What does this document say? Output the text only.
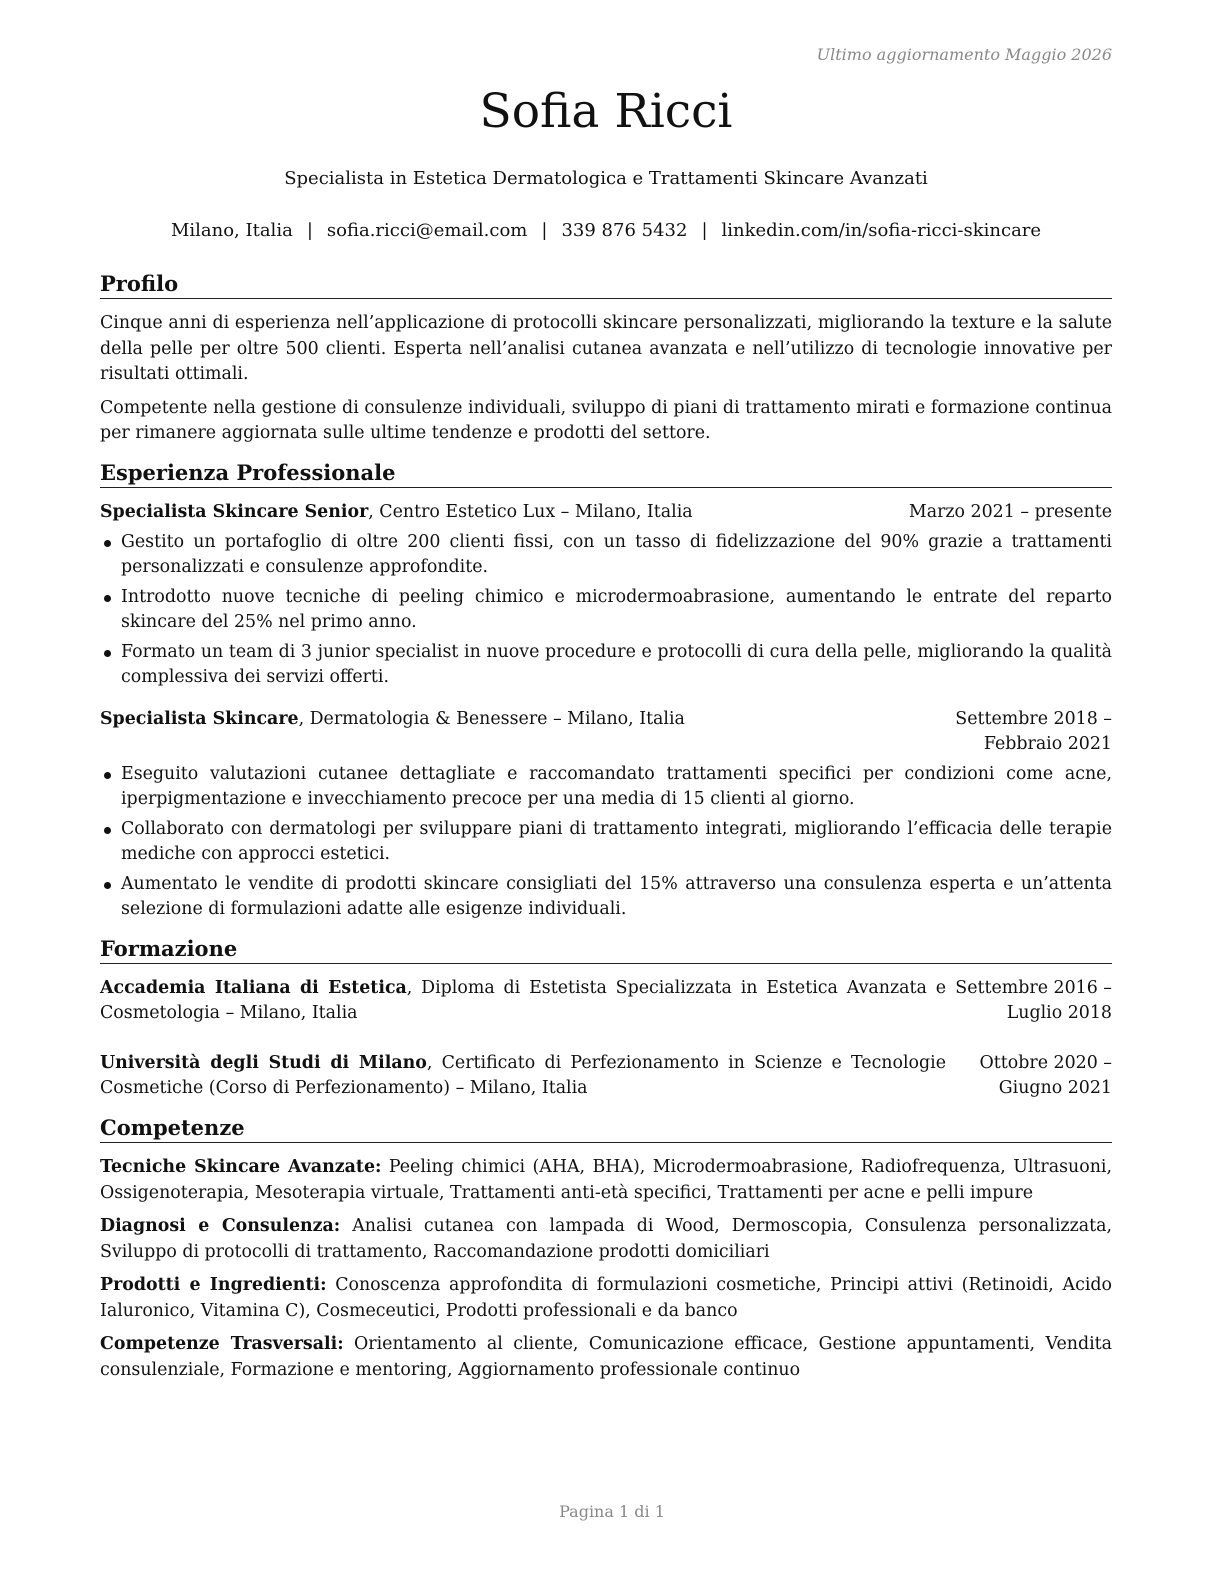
Ultimo aggiornamento Maggio 2026
Sofia Ricci
Specialista in Estetica Dermatologica e Trattamenti Skincare Avanzati
Milano, Italia | sofia.ricci@email.com | 339 876 5432 | linkedin.com/in/sofia-ricci-skincare
Profilo

Cinque anni di esperienza nell’applicazione di protocolli skincare personalizzati, migliorando la texture e la salute della pelle per oltre 500 clienti. Esperta nell’analisi cutanea avanzata e nell’utilizzo di tecnologie innovative per risultati ottimali.

Competente nella gestione di consulenze individuali, sviluppo di piani di trattamento mirati e formazione continua per rimanere aggiornata sulle ultime tendenze e prodotti del settore.

Esperienza Professionale
Specialista Skincare Senior, Centro Estetico Lux – Milano, Italia	Marzo 2021 – presente
Gestito un portafoglio di oltre 200 clienti fissi, con un tasso di fidelizzazione del 90% grazie a trattamenti personalizzati e consulenze approfondite.
Introdotto nuove tecniche di peeling chimico e microdermoabrasione, aumentando le entrate del reparto skincare del 25% nel primo anno.
Formato un team di 3 junior specialist in nuove procedure e protocolli di cura della pelle, migliorando la qualità complessiva dei servizi offerti.
Specialista Skincare, Dermatologia & Benessere – Milano, Italia	Settembre 2018 – Febbraio 2021
Eseguito valutazioni cutanee dettagliate e raccomandato trattamenti specifici per condizioni come acne, iperpigmentazione e invecchiamento precoce per una media di 15 clienti al giorno.
Collaborato con dermatologi per sviluppare piani di trattamento integrati, migliorando l’efficacia delle terapie mediche con approcci estetici.
Aumentato le vendite di prodotti skincare consigliati del 15% attraverso una consulenza esperta e un’attenta selezione di formulazioni adatte alle esigenze individuali.
Formazione
Accademia Italiana di Estetica, Diploma di Estetista Specializzata in Estetica Avanzata e Cosmetologia – Milano, Italia
Settembre 2016 – Luglio 2018
Università degli Studi di Milano, Certificato di Perfezionamento in Scienze e Tecnologie Cosmetiche (Corso di Perfezionamento) – Milano, Italia
Ottobre 2020 – Giugno 2021
Competenze
Tecniche Skincare Avanzate: Peeling chimici (AHA, BHA), Microdermoabrasione, Radiofrequenza, Ultrasuoni, Ossigenoterapia, Mesoterapia virtuale, Trattamenti anti-età specifici, Trattamenti per acne e pelli impure
Diagnosi e Consulenza: Analisi cutanea con lampada di Wood, Dermoscopia, Consulenza personalizzata, Sviluppo di protocolli di trattamento, Raccomandazione prodotti domiciliari
Prodotti e Ingredienti: Conoscenza approfondita di formulazioni cosmetiche, Principi attivi (Retinoidi, Acido Ialuronico, Vitamina C), Cosmeceutici, Prodotti professionali e da banco
Competenze Trasversali: Orientamento al cliente, Comunicazione efficace, Gestione appuntamenti, Vendita consulenziale, Formazione e mentoring, Aggiornamento professionale continuo
Pagina 1 di 1
